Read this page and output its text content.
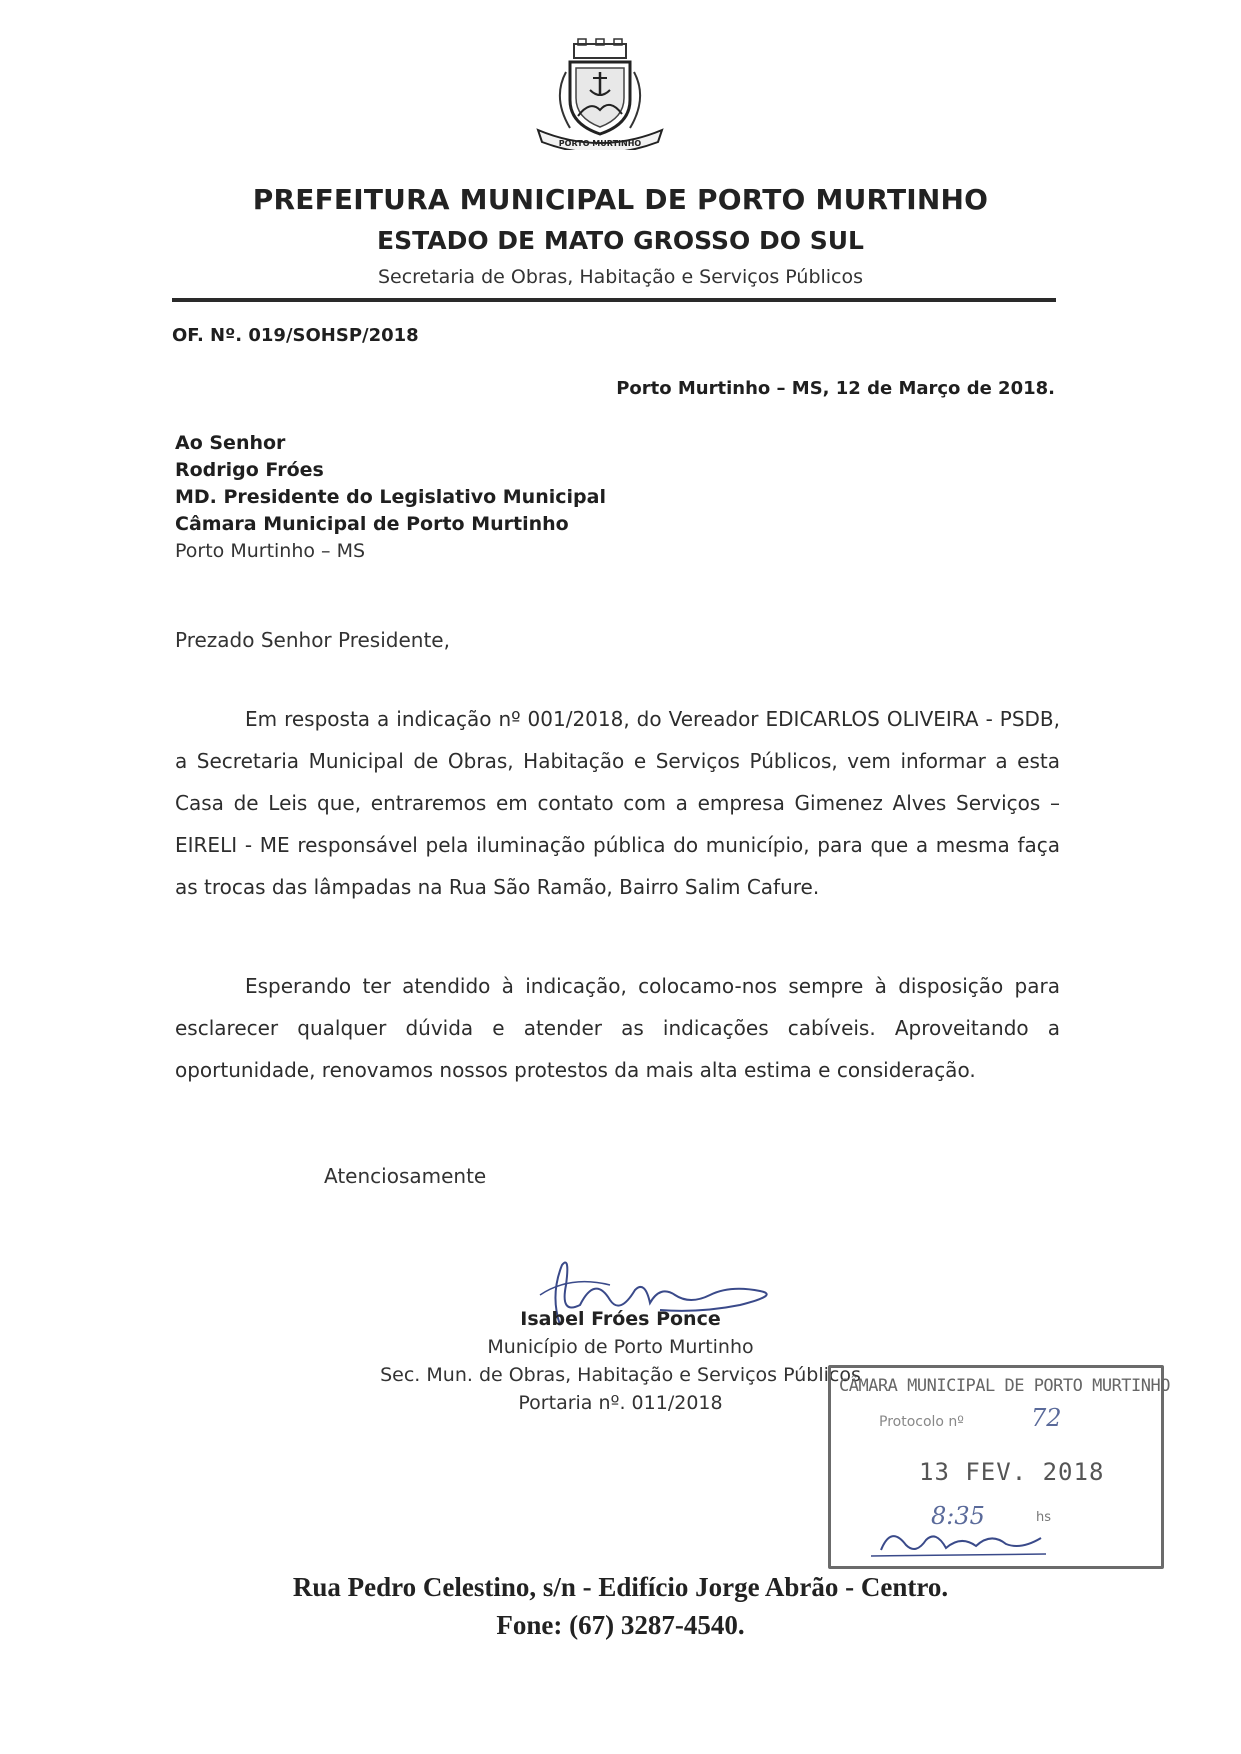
PORTO MURTINHO
PREFEITURA MUNICIPAL DE PORTO MURTINHO
ESTADO DE MATO GROSSO DO SUL
Secretaria de Obras, Habitação e Serviços Públicos
OF. Nº. 019/SOHSP/2018
Porto Murtinho – MS, 12 de Março de 2018.
Ao Senhor
Rodrigo Fróes
MD. Presidente do Legislativo Municipal
Câmara Municipal de Porto Murtinho
Porto Murtinho – MS
Prezado Senhor Presidente,
Em resposta a indicação nº 001/2018, do Vereador EDICARLOS OLIVEIRA - PSDB, a Secretaria Municipal de Obras, Habitação e Serviços Públicos, vem informar a esta Casa de Leis que, entraremos em contato com a empresa Gimenez Alves Serviços – EIRELI - ME responsável pela iluminação pública do município, para que a mesma faça as trocas das lâmpadas na Rua São Ramão, Bairro Salim Cafure.
Esperando ter atendido à indicação, colocamo-nos sempre à disposição para esclarecer qualquer dúvida e atender as indicações cabíveis. Aproveitando a oportunidade, renovamos nossos protestos da mais alta estima e consideração.
Atenciosamente
Isabel Fróes Ponce
Município de Porto Murtinho
Sec. Mun. de Obras, Habitação e Serviços Públicos
Portaria nº. 011/2018
CÂMARA MUNICIPAL DE PORTO MURTINHO
Protocolo nº	72
13 FEV. 2018
8:35	hs
Rua Pedro Celestino, s/n - Edifício Jorge Abrão - Centro.
Fone: (67) 3287-4540.
